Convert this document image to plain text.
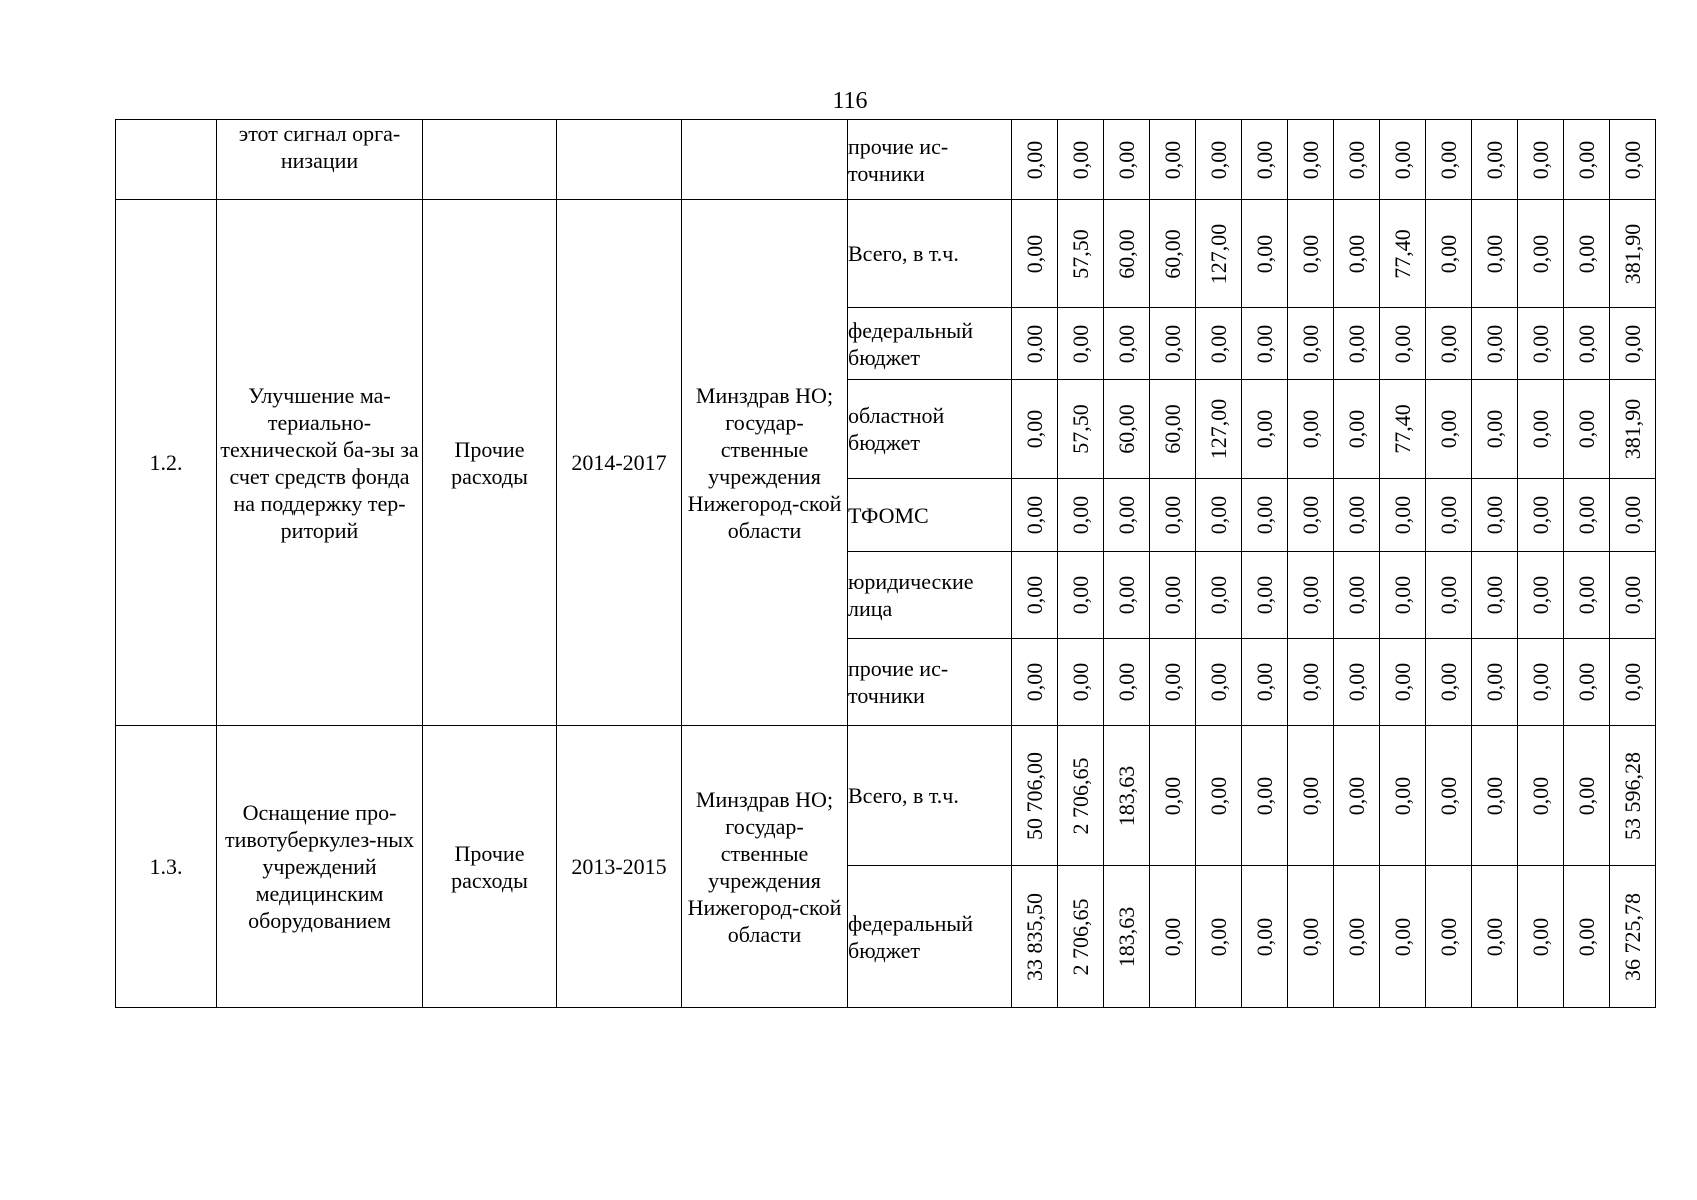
116
	этот сигнал орга-низации				прочие ис-точники	0,00	0,00	0,00	0,00	0,00	0,00	0,00	0,00	0,00	0,00	0,00	0,00	0,00	0,00

1.2.	Улучшение ма-териально-технической ба-зы за счет средств фонда на поддержку тер-риторий	Прочие расходы	2014-2017	Минздрав НО; государ-ственные учреждения Нижегород-ской области	Всего, в т.ч.	0,00	57,50	60,00	60,00	127,00	0,00	0,00	0,00	77,40	0,00	0,00	0,00	0,00	381,90

					федеральный бюджет	0,00	0,00	0,00	0,00	0,00	0,00	0,00	0,00	0,00	0,00	0,00	0,00	0,00	0,00

					областной бюджет	0,00	57,50	60,00	60,00	127,00	0,00	0,00	0,00	77,40	0,00	0,00	0,00	0,00	381,90

					ТФОМС	0,00	0,00	0,00	0,00	0,00	0,00	0,00	0,00	0,00	0,00	0,00	0,00	0,00	0,00

					юридические лица	0,00	0,00	0,00	0,00	0,00	0,00	0,00	0,00	0,00	0,00	0,00	0,00	0,00	0,00

					прочие ис-точники	0,00	0,00	0,00	0,00	0,00	0,00	0,00	0,00	0,00	0,00	0,00	0,00	0,00	0,00

1.3.	Оснащение про-тивотуберкулез-ных учреждений медицинским оборудованием	Прочие расходы	2013-2015	Минздрав НО; государ-ственные учреждения Нижегород-ской области	Всего, в т.ч.	50 706,00	2 706,65	183,63	0,00	0,00	0,00	0,00	0,00	0,00	0,00	0,00	0,00	0,00	53 596,28

					федеральный бюджет	33 835,50	2 706,65	183,63	0,00	0,00	0,00	0,00	0,00	0,00	0,00	0,00	0,00	0,00	36 725,78
